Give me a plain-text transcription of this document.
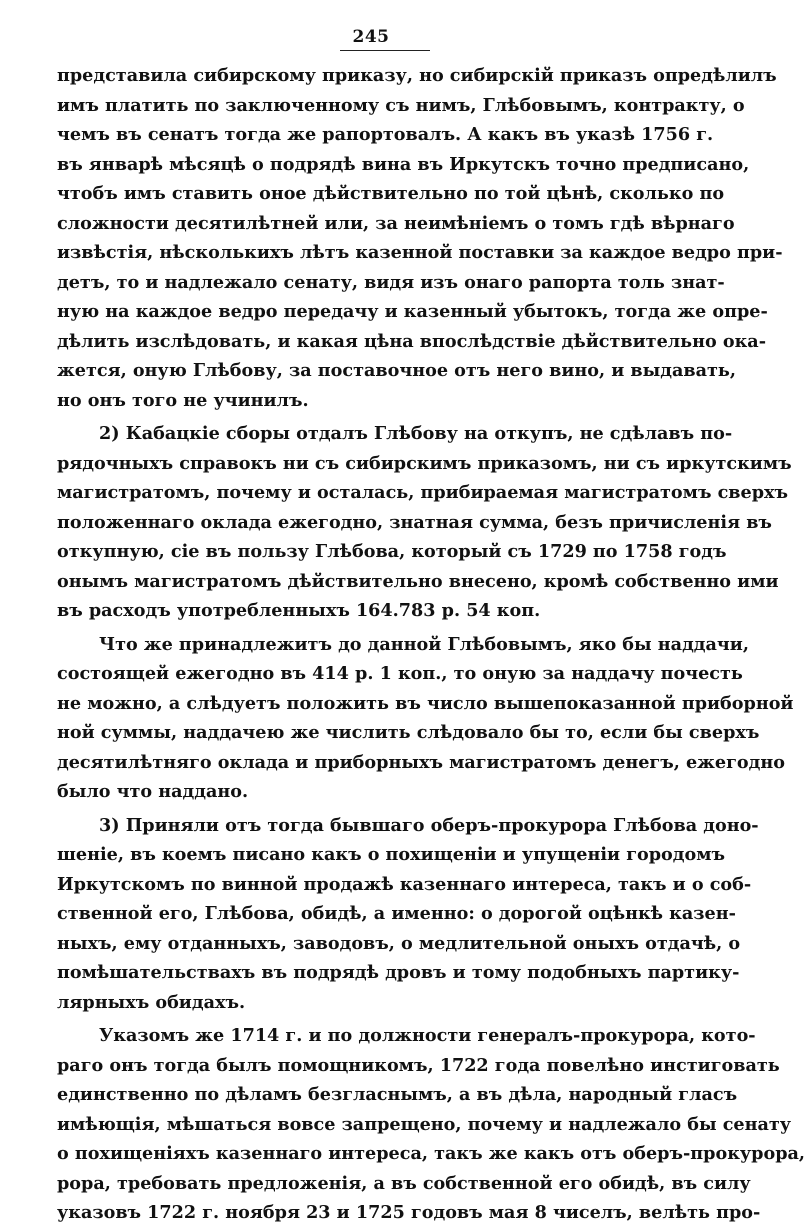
245
представила сибирскому приказу, но сибирскій приказъ опредѣлилъ
имъ платить по заключенному съ нимъ, Глѣбовымъ, контракту, о
чемъ въ сенатъ тогда же рапортовалъ. А какъ въ указѣ 1756 г.
въ январѣ мѣсяцѣ о подрядѣ вина въ Иркутскъ точно предписано,
чтобъ имъ ставить оное дѣйствительно по той цѣнѣ, сколько по
сложности десятилѣтней или, за неимѣніемъ о томъ гдѣ вѣрнаго
извѣстія, нѣсколькихъ лѣтъ казенной поставки за каждое ведро при-
детъ, то и надлежало сенату, видя изъ онаго рапорта толь знат-
ную на каждое ведро передачу и казенный убытокъ, тогда же опре-
дѣлить изслѣдовать, и какая цѣна впослѣдствіе дѣйствительно ока-
жется, оную Глѣбову, за поставочное отъ него вино, и выдавать,
но онъ того не учинилъ.
2) Кабацкіе сборы отдалъ Глѣбову на откупъ, не сдѣлавъ по-
рядочныхъ справокъ ни съ сибирскимъ приказомъ, ни съ иркутскимъ
магистратомъ, почему и осталась, прибираемая магистратомъ сверхъ
положеннаго оклада ежегодно, знатная сумма, безъ причисленія въ
откупную, сіе въ пользу Глѣбова, который съ 1729 по 1758 годъ
онымъ магистратомъ дѣйствительно внесено, кромѣ собственно ими
въ расходъ употребленныхъ 164.783 р. 54 коп.
Что же принадлежитъ до данной Глѣбовымъ, яко бы наддачи,
состоящей ежегодно въ 414 р. 1 коп., то оную за наддачу почесть
не можно, а слѣдуетъ положить въ число вышепоказанной приборной
ной суммы, наддачею же числить слѣдовало бы то, если бы сверхъ
десятилѣтняго оклада и приборныхъ магистратомъ денегъ, ежегодно
было что наддано.
3) Приняли отъ тогда бывшаго оберъ-прокурора Глѣбова доно-
шеніе, въ коемъ писано какъ о похищеніи и упущеніи городомъ
Иркутскомъ по винной продажѣ казеннаго интереса, такъ и о соб-
ственной его, Глѣбова, обидѣ, а именно: о дорогой оцѣнкѣ казен-
ныхъ, ему отданныхъ, заводовъ, о медлительной оныхъ отдачѣ, о
помѣшательствахъ въ подрядѣ дровъ и тому подобныхъ партику-
лярныхъ обидахъ.
Указомъ же 1714 г. и по должности генералъ-прокурора, кото-
раго онъ тогда былъ помощникомъ, 1722 года повелѣно инстиговать
единственно по дѣламъ безгласнымъ, а въ дѣла, народный гласъ
имѣющія, мѣшаться вовсе запрещено, почему и надлежало бы сенату
о похищеніяхъ казеннаго интереса, такъ же какъ отъ оберъ-прокурора,
рора, требовать предложенія, а въ собственной его обидѣ, въ силу
указовъ 1722 г. ноября 23 и 1725 годовъ мая 8 чиселъ, велѣть про-
